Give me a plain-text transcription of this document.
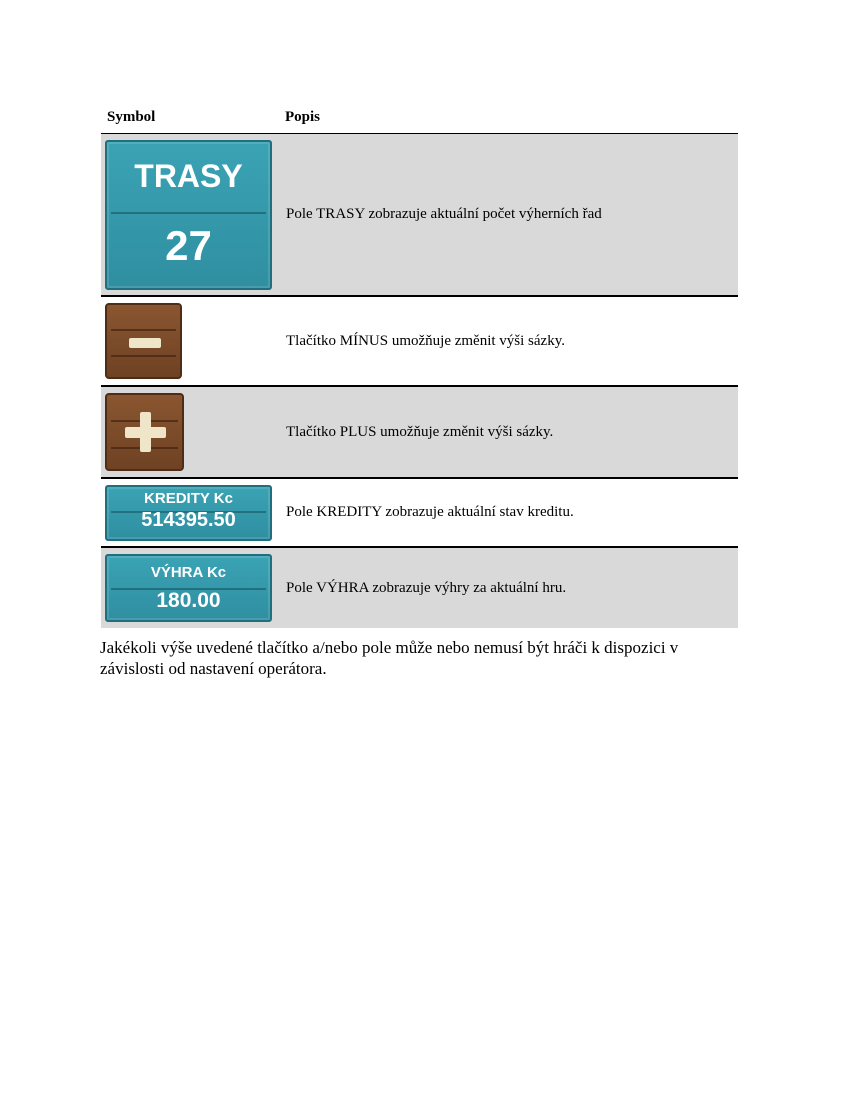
Symbol	Popis
TRASY
27
Pole TRASY zobrazuje aktuální počet výherních řad
Tlačítko MÍNUS umožňuje změnit výši sázky.
Tlačítko PLUS umožňuje změnit výši sázky.
KREDITY Kc
514395.50	Pole KREDITY zobrazuje aktuální stav kreditu.
VÝHRA Kc
180.00
Pole VÝHRA zobrazuje výhry za aktuální hru.
Jakékoli výše uvedené tlačítko a/nebo pole může nebo nemusí být hráči k dispozici v závislosti od nastavení operátora.
